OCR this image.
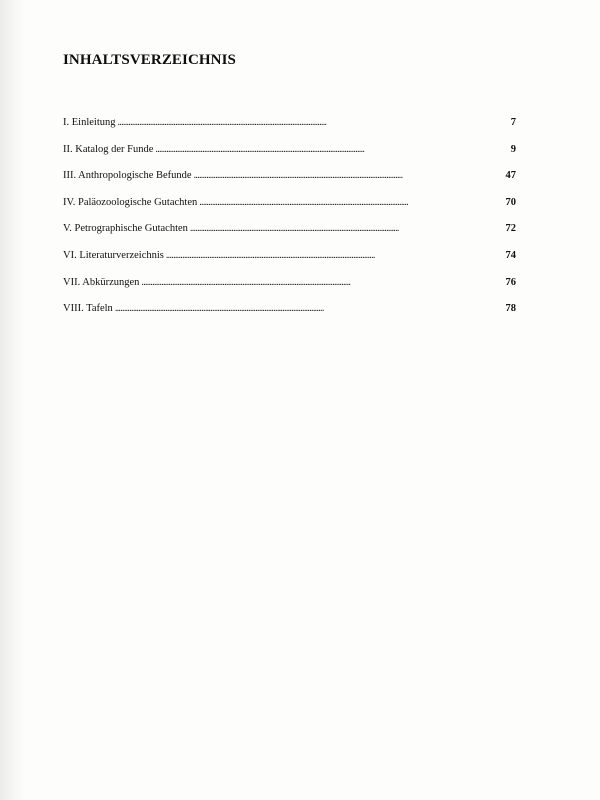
INHALTSVERZEICHNIS
I. Einleitung . . .	7
II. Katalog der Funde . . .	9
III. Anthropologische Befunde . . .	47
IV. Paläozoologische Gutachten . . .	70
V. Petrographische Gutachten . . .	72
VI. Literaturverzeichnis . . .	74
VII. Abkürzungen . . .	76
VIII. Tafeln . . .	78
